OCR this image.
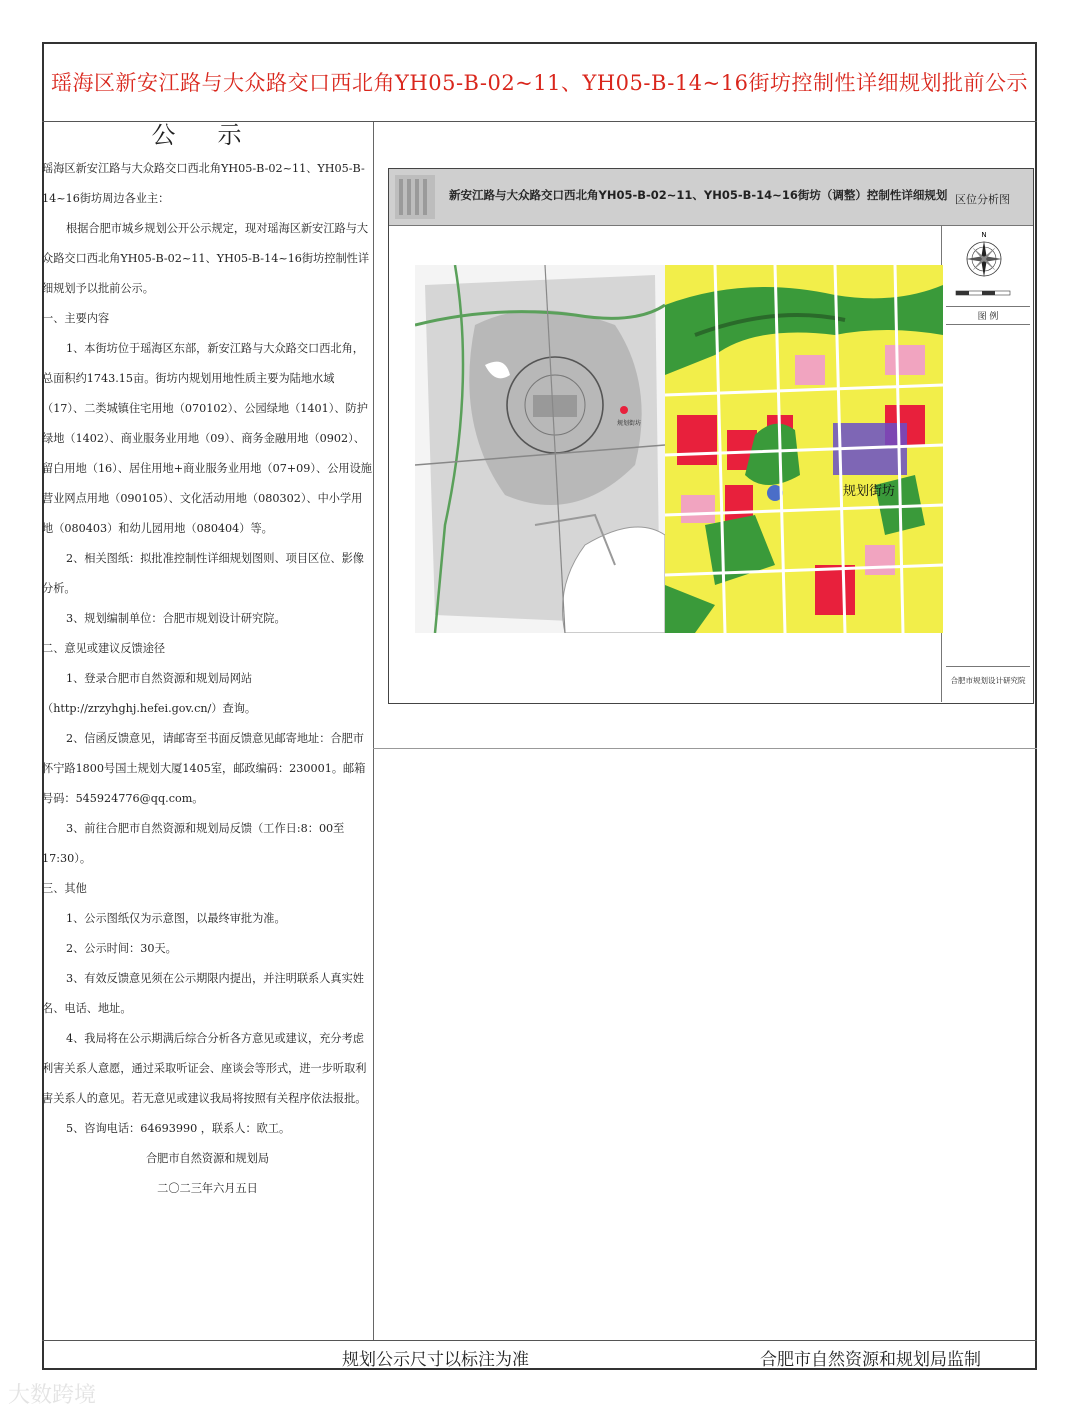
瑶海区新安江路与大众路交口西北角YH05-B-02~11、YH05-B-14~16街坊控制性详细规划批前公示
公示

瑶海区新安江路与大众路交口西北角YH05-B-02~11、YH05-B-14~16街坊周边各业主：

根据合肥市城乡规划公开公示规定，现对瑶海区新安江路与大众路交口西北角YH05-B-02~11、YH05-B-14~16街坊控制性详细规划予以批前公示。

一、主要内容

1、本街坊位于瑶海区东部，新安江路与大众路交口西北角，总面积约1743.15亩。街坊内规划用地性质主要为陆地水域（17）、二类城镇住宅用地（070102）、公园绿地（1401）、防护绿地（1402）、商业服务业用地（09）、商务金融用地（0902）、留白用地（16）、居住用地+商业服务业用地（07+09）、公用设施营业网点用地（090105）、文化活动用地（080302）、中小学用地（080403）和幼儿园用地（080404）等。

2、相关图纸：拟批准控制性详细规划图则、项目区位、影像分析。

3、规划编制单位：合肥市规划设计研究院。

二、意见或建议反馈途径

1、登录合肥市自然资源和规划局网站（http://zrzyhghj.hefei.gov.cn/）查询。

2、信函反馈意见，请邮寄至书面反馈意见邮寄地址：合肥市怀宁路1800号国土规划大厦1405室，邮政编码：230001。邮箱号码：545924776@qq.com。

3、前往合肥市自然资源和规划局反馈（工作日:8：00至17:30）。

三、其他

1、公示图纸仅为示意图，以最终审批为准。

2、公示时间：30天。

3、有效反馈意见须在公示期限内提出，并注明联系人真实姓名、电话、地址。

4、我局将在公示期满后综合分析各方意见或建议，充分考虑利害关系人意愿，通过采取听证会、座谈会等形式，进一步听取利害关系人的意见。若无意见或建议我局将按照有关程序依法报批。

5、咨询电话：64693990 ，联系人：欧工。

合肥市自然资源和规划局

二〇二三年六月五日

新安江路与大众路交口西北角YH05-B-02~11、YH05-B-14~16街坊（调整）控制性详细规划 区位分析图
N
图 例
合肥市规划设计研究院
规划街坊
规划街坊
规划公示尺寸以标注为准	合肥市自然资源和规划局监制
大数跨境
